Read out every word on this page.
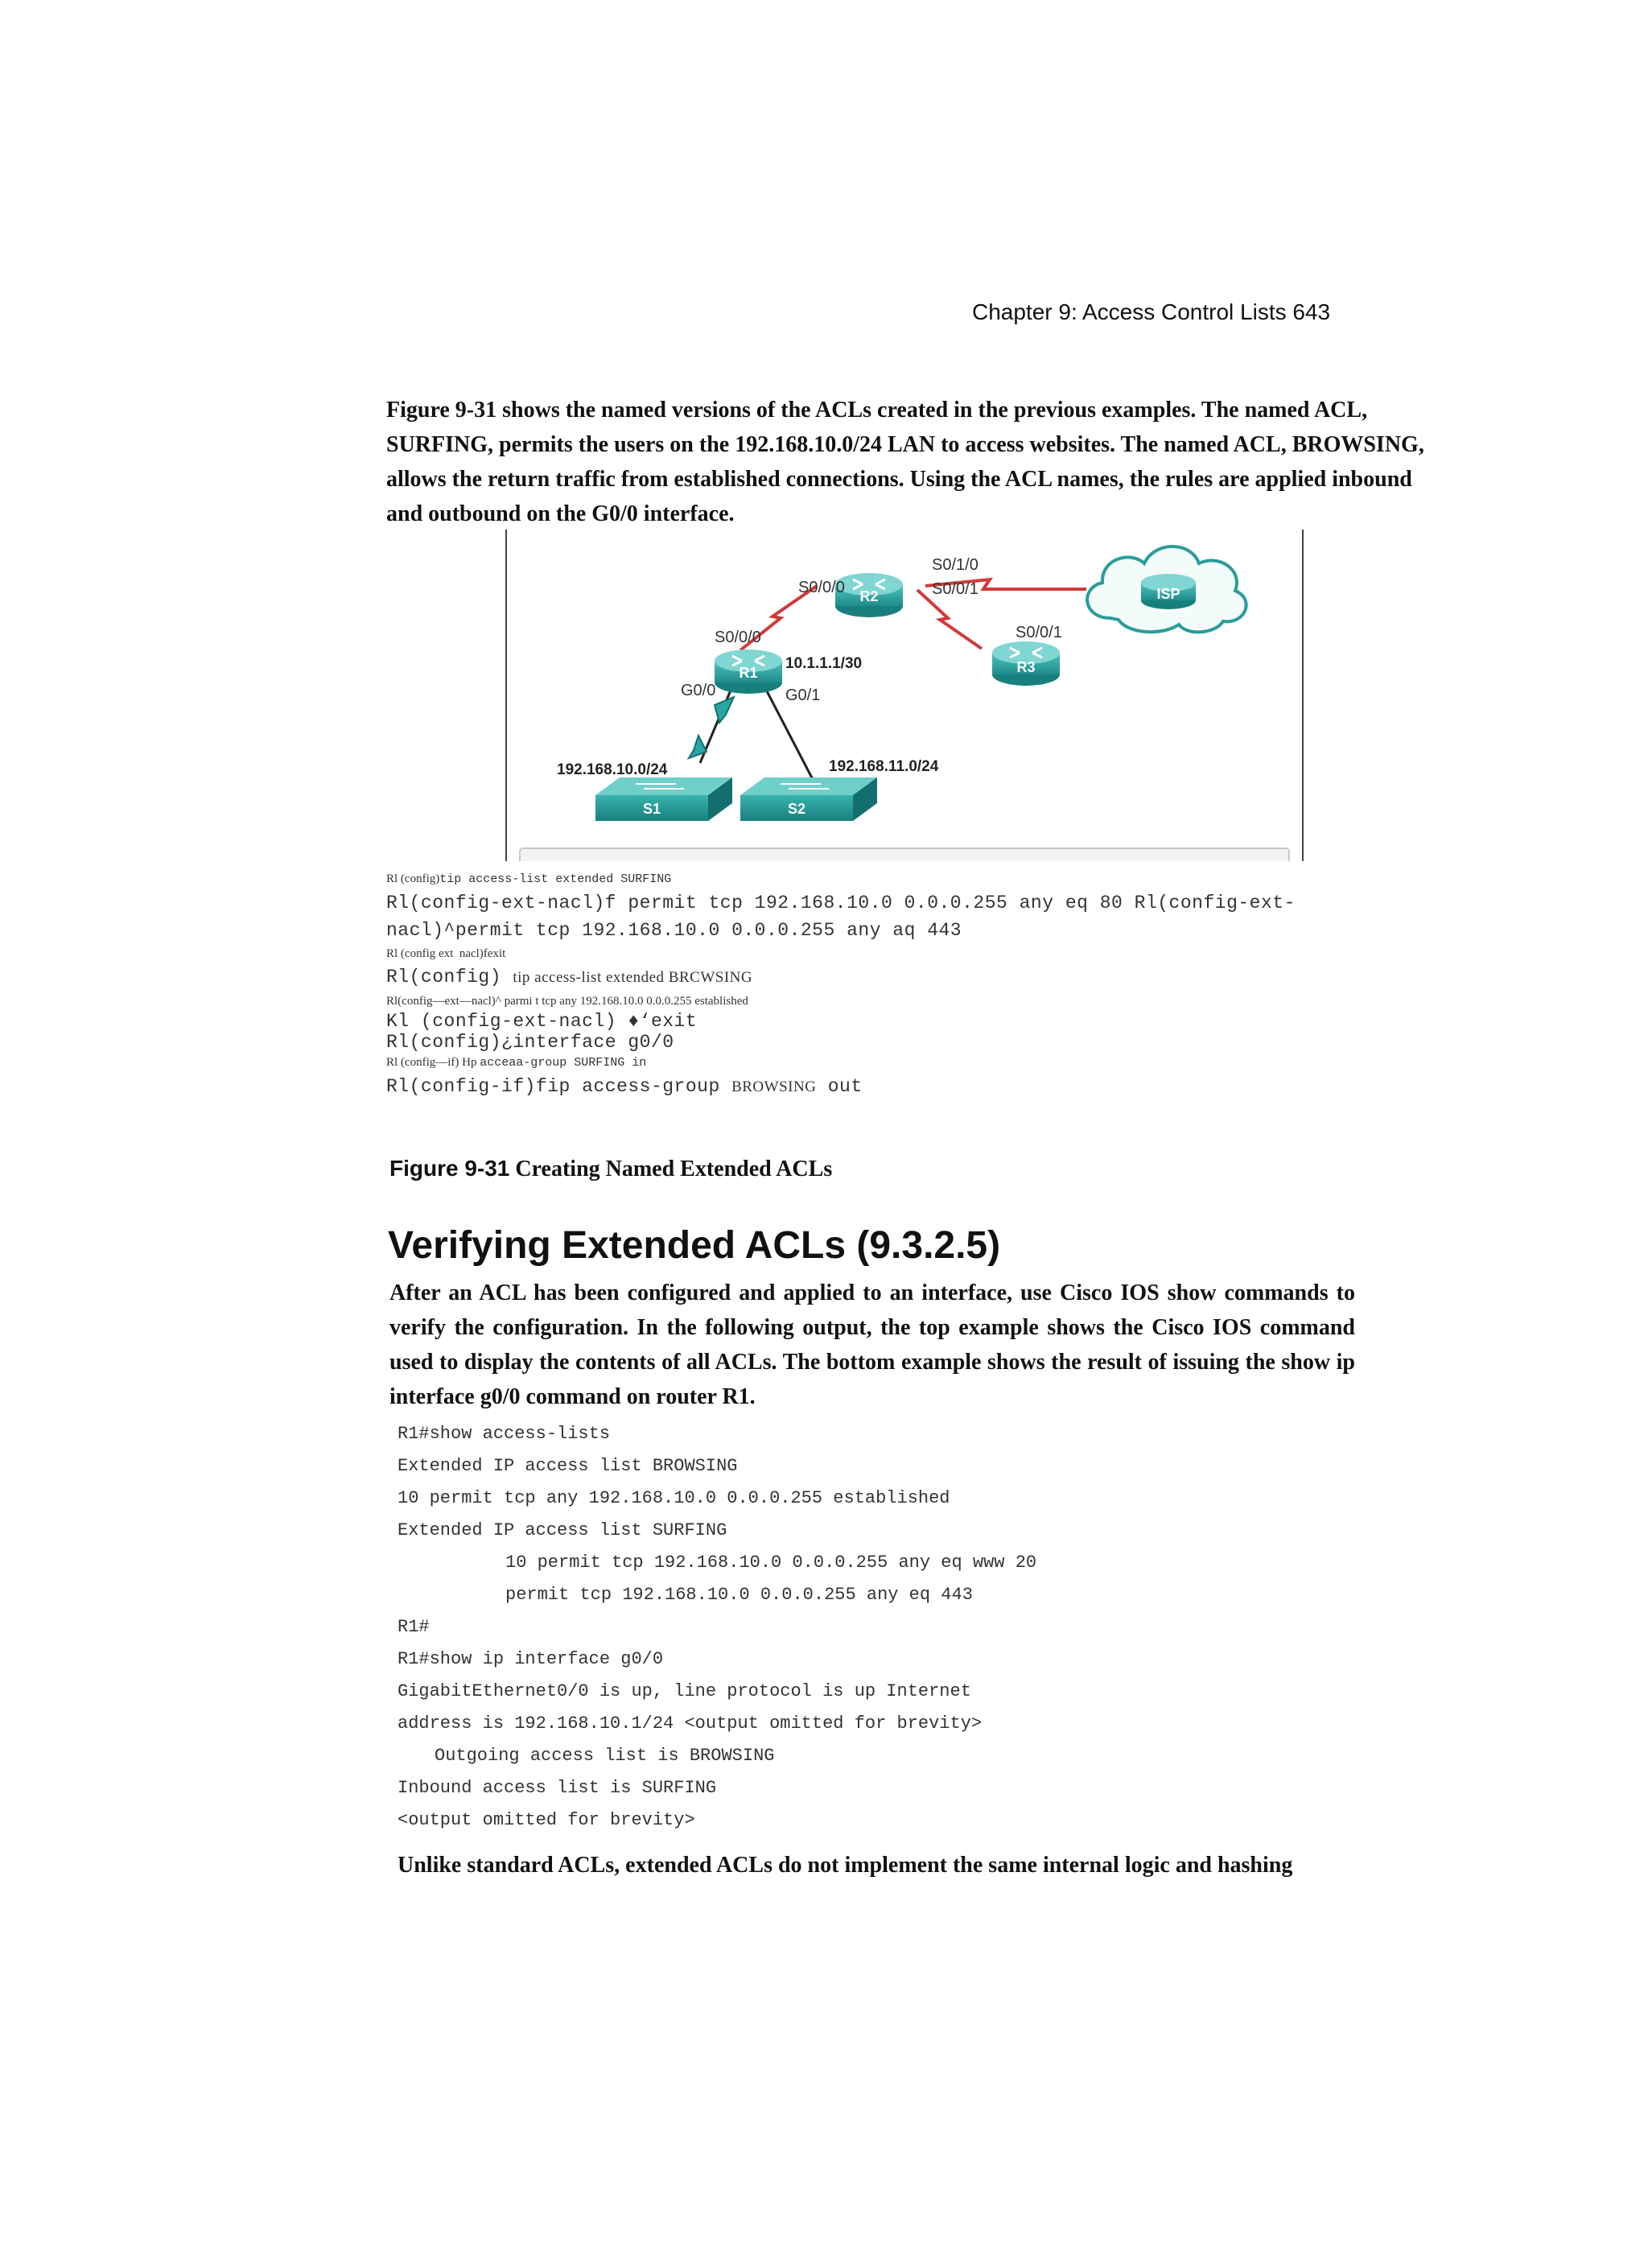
Chapter 9: Access Control Lists 643

Figure 9-31 shows the named versions of the ACLs created in the previous examples. The named ACL, SURFING, permits the users on the 192.168.10.0/24 LAN to access websites. The named ACL, BROWSING, allows the return traffic from established connections. Using the ACL names, the rules are applied inbound and outbound on the G0/0 interface.

R2
R1	R3
ISP
S1	S2
S0/1/0
S0/0/0	S0/0/1
S0/0/1
S0/0/0
G0/0	G0/1
10.1.1.1/30
192.168.10.0/24	192.168.11.0/24
Rl (config)tip access-list extended SURFING
Rl(config-ext-nacl)f permit tcp 192.168.10.0 0.0.0.255 any eq 80 Rl(config-ext-nacl)^permit tcp 192.168.10.0 0.0.0.255 any aq 443
Rl (config ext  nacl)fexit
Rl(config) tip access-list extended BRCWSING
Rl(config—ext—nacl)^ parmi t tcp any 192.168.10.0 0.0.0.255 established
Kl (config-ext-nacl) ♦‘exit
Rl(config)¿interface g0/0
Rl (config—if) Hp acceaa-group SURFING in
Rl(config-if)fip access-group BROWSING out
Figure 9-31 Creating Named Extended ACLs
Verifying Extended ACLs (9.3.2.5)

After an ACL has been configured and applied to an interface, use Cisco IOS show commands to verify the configuration. In the following output, the top example shows the Cisco IOS command used to display the contents of all ACLs. The bottom example shows the result of issuing the show ip interface g0/0 command on router R1.

R1#show access-lists
Extended IP access list BROWSING
10 permit tcp any 192.168.10.0 0.0.0.255 established
Extended IP access list SURFING
10 permit tcp 192.168.10.0 0.0.0.255 any eq www 20
permit tcp 192.168.10.0 0.0.0.255 any eq 443
R1#
R1#show ip interface g0/0
GigabitEthernet0/0 is up, line protocol is up Internet
address is 192.168.10.1/24 <output omitted for brevity>
Outgoing access list is BROWSING
Inbound access list is SURFING
<output omitted for brevity>

Unlike standard ACLs, extended ACLs do not implement the same internal logic and hashing
